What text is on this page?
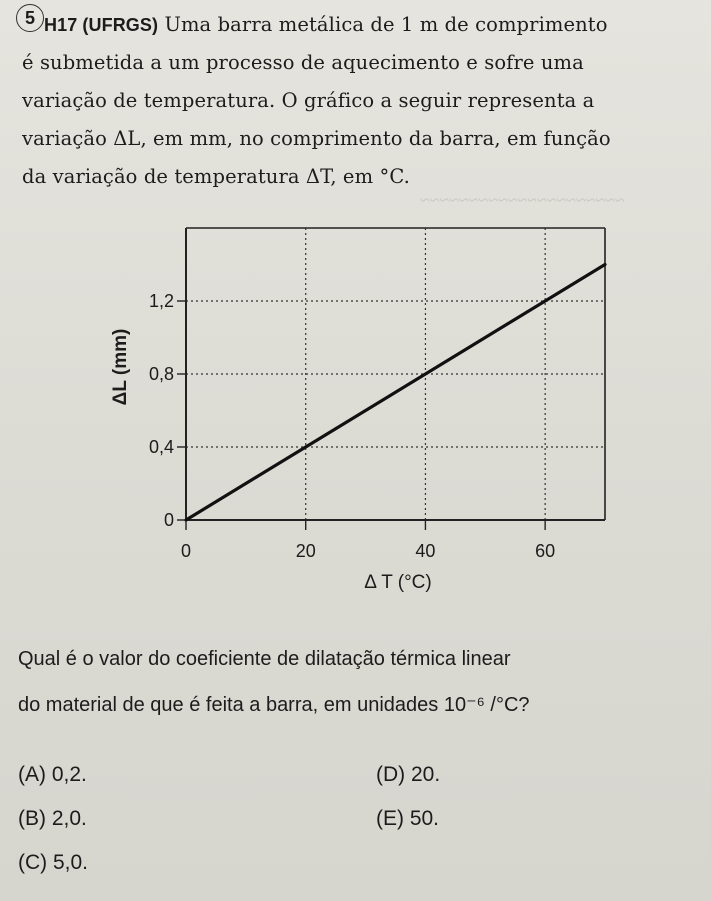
~~~~~~~~~~~~~~~~~~~~~
5 H17 (UFRGS) Uma barra metálica de 1 m de comprimento
é submetida a um processo de aquecimento e sofre uma
variação de temperatura. O gráfico a seguir representa a
variação ΔL, em mm, no comprimento da barra, em função
da variação de temperatura ΔT, em °C.
0	20	40	60
0
0,4
0,8
1,2
Δ T (°C)
ΔL (mm)
Qual é o valor do coeficiente de dilatação térmica linear
do material de que é feita a barra, em unidades 10⁻⁶ /°C?
(A) 0,2.
(B) 2,0.
(C) 5,0.
(D) 20.
(E) 50.
